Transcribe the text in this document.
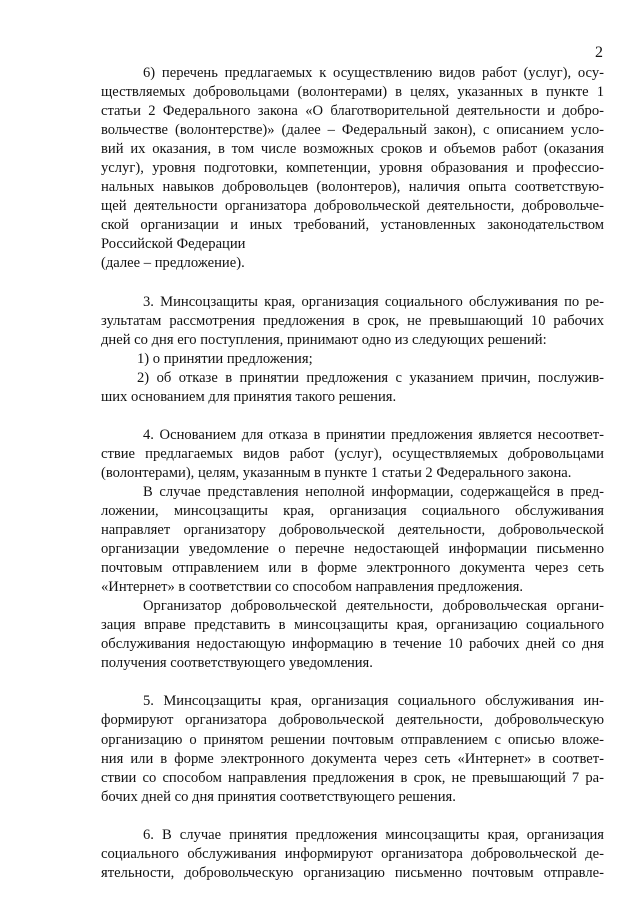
2
6) перечень предлагаемых к осуществлению видов работ (услуг), осу-
ществляемых добровольцами (волонтерами) в целях, указанных в пункте 1
статьи 2 Федерального закона «О благотворительной деятельности и добро-
вольчестве (волонтерстве)» (далее – Федеральный закон), с описанием усло-
вий их оказания, в том числе возможных сроков и объемов работ (оказания
услуг), уровня подготовки, компетенции, уровня образования и профессио-
нальных навыков добровольцев (волонтеров), наличия опыта соответствую-
щей деятельности организатора добровольческой деятельности, добровольче-
ской организации и иных требований, установленных законодательством
Российской Федерации
(далее – предложение).
3. Минсоцзащиты края, организация социального обслуживания по ре-
зультатам рассмотрения предложения в срок, не превышающий 10 рабочих
дней со дня его поступления, принимают одно из следующих решений:
1) о принятии предложения;
2) об отказе в принятии предложения с указанием причин, послужив-
ших основанием для принятия такого решения.
4. Основанием для отказа в принятии предложения является несоответ-
ствие предлагаемых видов работ (услуг), осуществляемых добровольцами
(волонтерами), целям, указанным в пункте 1 статьи 2 Федерального закона.
В случае представления неполной информации, содержащейся в пред-
ложении, минсоцзащиты края, организация социального обслуживания
направляет организатору добровольческой деятельности, добровольческой
организации уведомление о перечне недостающей информации письменно
почтовым отправлением или в форме электронного документа через сеть
«Интернет» в соответствии со способом направления предложения.
Организатор добровольческой деятельности, добровольческая органи-
зация вправе представить в минсоцзащиты края, организацию социального
обслуживания недостающую информацию в течение 10 рабочих дней со дня
получения соответствующего уведомления.
5. Минсоцзащиты края, организация социального обслуживания ин-
формируют организатора добровольческой деятельности, добровольческую
организацию о принятом решении почтовым отправлением с описью вложе-
ния или в форме электронного документа через сеть «Интернет» в соответ-
ствии со способом направления предложения в срок, не превышающий 7 ра-
бочих дней со дня принятия соответствующего решения.
6. В случае принятия предложения минсоцзащиты края, организация
социального обслуживания информируют организатора добровольческой де-
ятельности, добровольческую организацию письменно почтовым отправле-
